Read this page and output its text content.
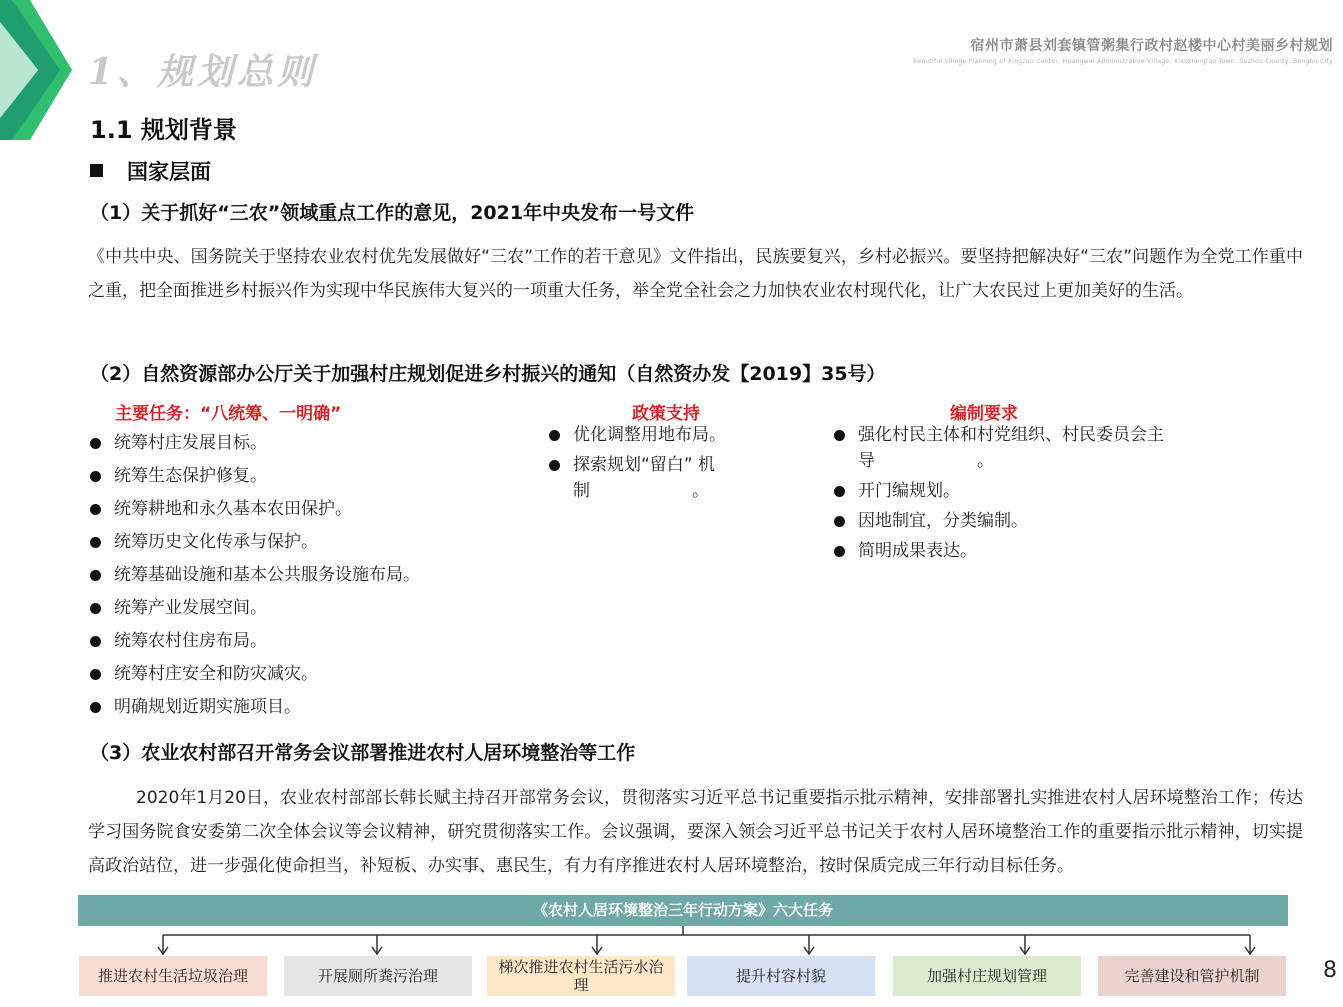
1、规划总则
宿州市萧县刘套镇管粥集行政村赵楼中心村美丽乡村规划
Beautiful village Planning of Xingzuo Center, Huangwei Administrative Village, Xiaoxiangtao Town, Suzhou County, Bengbu City
1.1 规划背景
国家层面
（1）关于抓好“三农”领域重点工作的意见，2021年中央发布一号文件
《中共中央、国务院关于坚持农业农村优先发展做好“三农”工作的若干意见》文件指出，民族要复兴，乡村必振兴。要坚持把解决好“三农”问题作为全党工作重中之重，把全面推进乡村振兴作为实现中华民族伟大复兴的一项重大任务，举全党全社会之力加快农业农村现代化，让广大农民过上更加美好的生活。
（2）自然资源部办公厅关于加强村庄规划促进乡村振兴的通知（自然资办发【2019】35号）
主要任务：“八统筹、一明确”	政策支持	编制要求
统筹村庄发展目标。
统筹生态保护修复。
统筹耕地和永久基本农田保护。
统筹历史文化传承与保护。
统筹基础设施和基本公共服务设施布局。
统筹产业发展空间。
统筹农村住房布局。
统筹村庄安全和防灾减灾。
明确规划近期实施项目。
优化调整用地布局。
探索规划“留白” 机制　　　　　　。
强化村民主体和村党组织、村民委员会主导　　　　　　。
开门编规划。
因地制宜，分类编制。
简明成果表达。
（3）农业农村部召开常务会议部署推进农村人居环境整治等工作
2020年1月20日，农业农村部部长韩长赋主持召开部常务会议，贯彻落实习近平总书记重要指示批示精神，安排部署扎实推进农村人居环境整治工作；传达学习国务院食安委第二次全体会议等会议精神，研究贯彻落实工作。会议强调，要深入领会习近平总书记关于农村人居环境整治工作的重要指示批示精神，切实提高政治站位，进一步强化使命担当，补短板、办实事、惠民生，有力有序推进农村人居环境整治，按时保质完成三年行动目标任务。
《农村人居环境整治三年行动方案》六大任务
推进农村生活垃圾治理	开展厕所粪污治理	梯次推进农村生活污水治理	提升村容村貌	加强村庄规划管理	完善建设和管护机制	8
